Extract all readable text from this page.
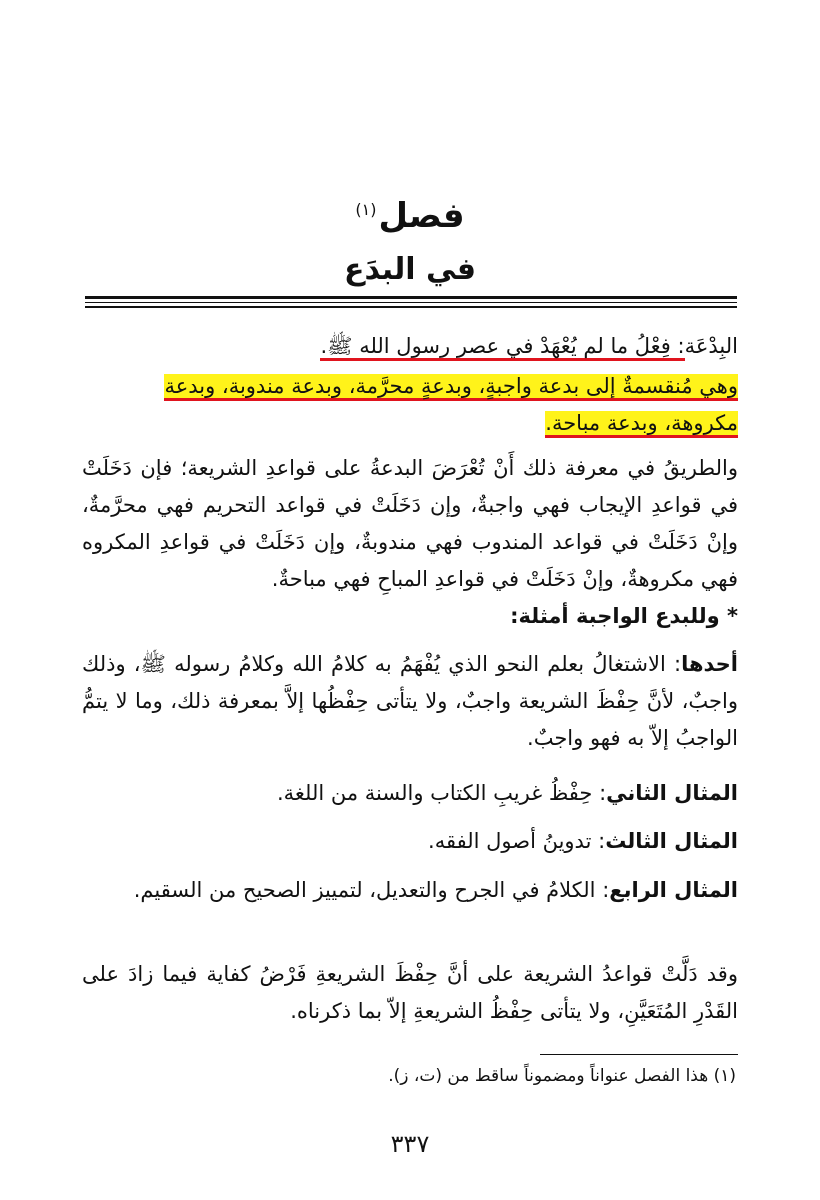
فصل$^{(١)}$
في البدَع

البِدْعَة: فِعْلُ ما لم يُعْهَدْ في عصر رسول الله ﷺ.

وهي مُنقسمةٌ إلى بدعة واجبةٍ، وبدعةٍ محرَّمة، وبدعة مندوبة، وبدعة
مكروهة، وبدعة مباحة.

والطريقُ في معرفة ذلك أَنْ تُعْرَضَ البدعةُ على قواعدِ الشريعة؛ فإن دَخَلَتْ في قواعدِ الإيجاب فهي واجبةٌ، وإن دَخَلَتْ في قواعد التحريم فهي محرَّمةٌ، وإنْ دَخَلَتْ في قواعد المندوب فهي مندوبةٌ، وإن دَخَلَتْ في قواعدِ المكروه فهي مكروهةٌ، وإنْ دَخَلَتْ في قواعدِ المباحِ فهي مباحةٌ.

* وللبدع الواجبة أمثلة:

أحدها: الاشتغالُ بعلم النحو الذي يُفْهَمُ به كلامُ الله وكلامُ رسوله ﷺ، وذلك واجبٌ، لأنَّ حِفْظَ الشريعة واجبٌ، ولا يتأتى حِفْظُها إلاَّ بمعرفة ذلك، وما لا يتمُّ الواجبُ إلاّ به فهو واجبٌ.

المثال الثاني: حِفْظُ غريبِ الكتاب والسنة من اللغة.

المثال الثالث: تدوينُ أصول الفقه.

المثال الرابع: الكلامُ في الجرح والتعديل، لتمييز الصحيح من السقيم.

وقد دَلَّتْ قواعدُ الشريعة على أنَّ حِفْظَ الشريعةِ فَرْضُ كفاية فيما زادَ على القَدْرِ المُتَعَيَّنِ، ولا يتأتى حِفْظُ الشريعةِ إلاّ بما ذكرناه.

(١) هذا الفصل عنواناً ومضموناً ساقط من (ت، ز).
٣٣٧
